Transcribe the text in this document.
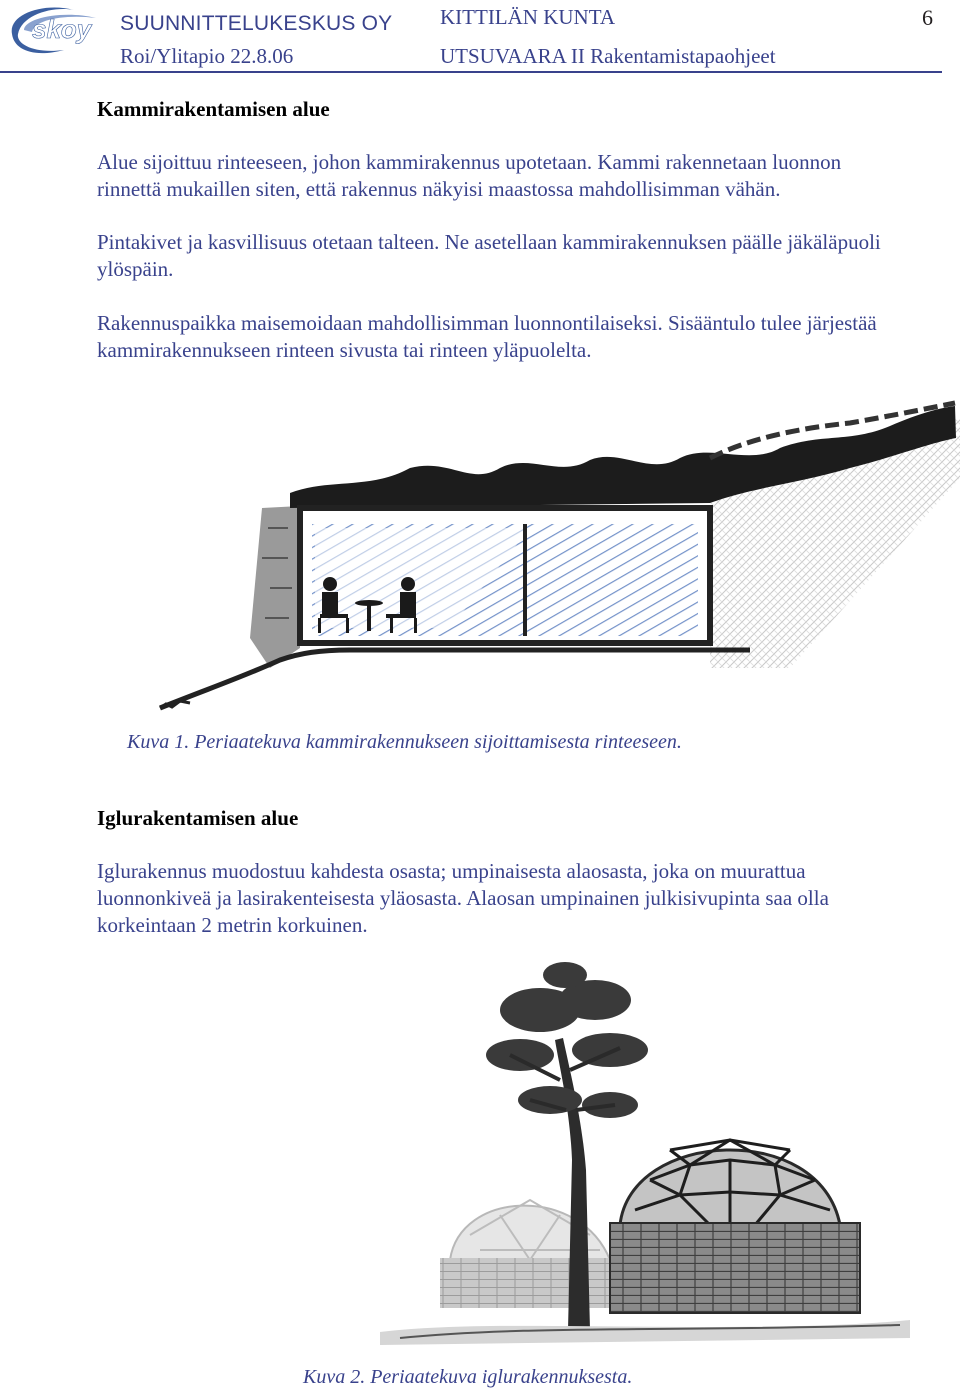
skoy SUUNNITTELUKESKUS OY
Roi/Ylitapio 22.8.06
KITTILÄN KUNTA
UTSUVAARA II Rakentamistapaohjeet
6
Kammirakentamisen alue

Alue sijoittuu rinteeseen, johon kammirakennus upotetaan. Kammi rakennetaan luonnon rinnettä mukaillen siten, että rakennus näkyisi maastossa mahdollisimman vähän.

Pintakivet ja kasvillisuus otetaan talteen. Ne asetellaan kammirakennuksen päälle jäkäläpuoli ylöspäin.

Rakennuspaikka maisemoidaan mahdollisimman luonnontilaiseksi. Sisääntulo tulee järjestää kammirakennukseen rinteen sivusta tai rinteen yläpuolelta.

Kuva 1. Periaatekuva kammirakennukseen sijoittamisesta rinteeseen.
Iglurakentamisen alue

Iglurakennus muodostuu kahdesta osasta; umpinaisesta alaosasta, joka on muurattua luonnonkiveä ja lasirakenteisesta yläosasta. Alaosan umpinainen julkisivupinta saa olla korkeintaan 2 metrin korkuinen.

Kuva 2. Periaatekuva iglurakennuksesta.
